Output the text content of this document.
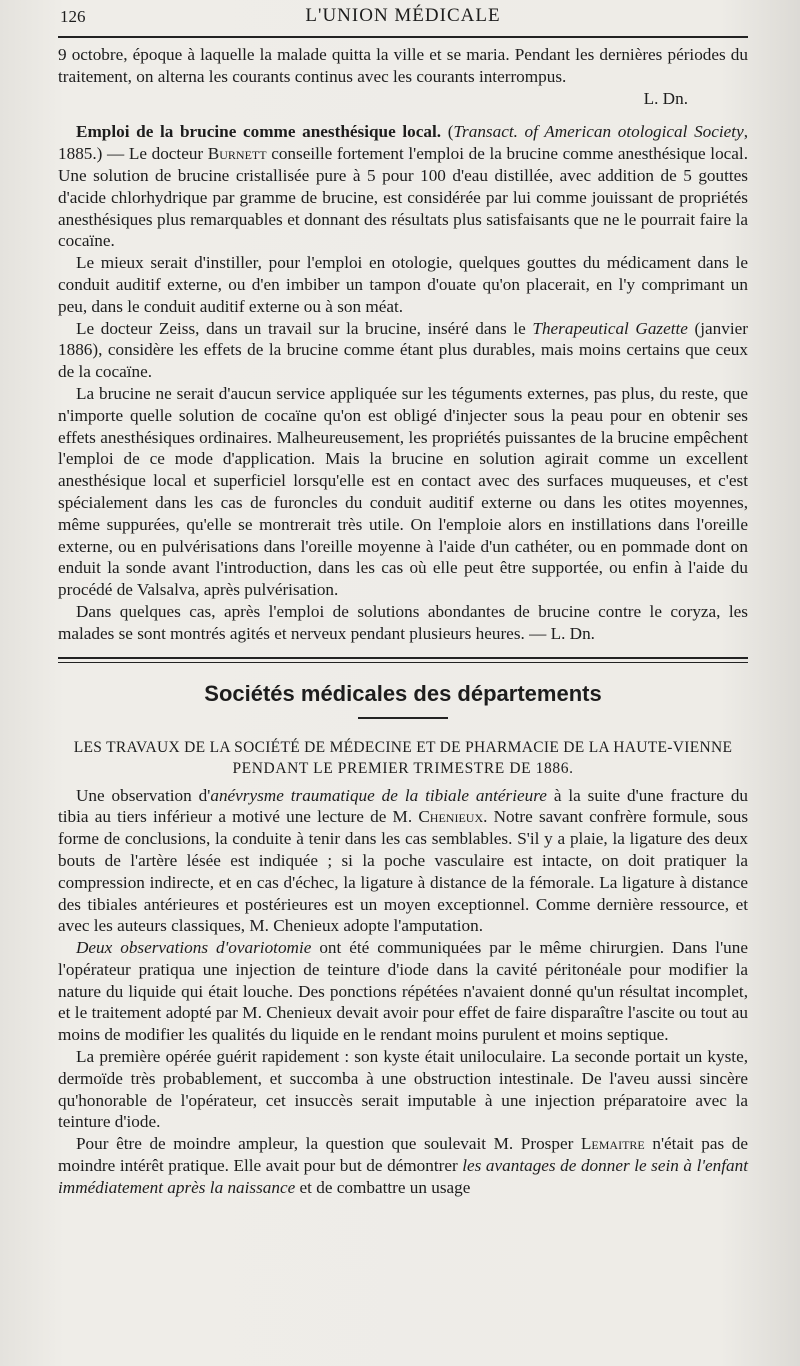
126	L'UNION MÉDICALE

9 octobre, époque à laquelle la malade quitta la ville et se maria. Pendant les dernières périodes du traitement, on alterna les courants continus avec les courants interrompus.

L. Dn.

Emploi de la brucine comme anesthésique local. (Transact. of American otological Society, 1885.) — Le docteur Burnett conseille fortement l'emploi de la brucine comme anesthésique local. Une solution de brucine cristallisée pure à 5 pour 100 d'eau distillée, avec addition de 5 gouttes d'acide chlorhydrique par gramme de brucine, est considérée par lui comme jouissant de propriétés anesthésiques plus remarquables et donnant des résultats plus satisfaisants que ne le pourrait faire la cocaïne.

Le mieux serait d'instiller, pour l'emploi en otologie, quelques gouttes du médicament dans le conduit auditif externe, ou d'en imbiber un tampon d'ouate qu'on placerait, en l'y comprimant un peu, dans le conduit auditif externe ou à son méat.

Le docteur Zeiss, dans un travail sur la brucine, inséré dans le Therapeutical Gazette (janvier 1886), considère les effets de la brucine comme étant plus durables, mais moins certains que ceux de la cocaïne.

La brucine ne serait d'aucun service appliquée sur les téguments externes, pas plus, du reste, que n'importe quelle solution de cocaïne qu'on est obligé d'injecter sous la peau pour en obtenir ses effets anesthésiques ordinaires. Malheureusement, les propriétés puissantes de la brucine empêchent l'emploi de ce mode d'application. Mais la brucine en solution agirait comme un excellent anesthésique local et superficiel lorsqu'elle est en contact avec des surfaces muqueuses, et c'est spécialement dans les cas de furoncles du conduit auditif externe ou dans les otites moyennes, même suppurées, qu'elle se montrerait très utile. On l'emploie alors en instillations dans l'oreille externe, ou en pulvérisations dans l'oreille moyenne à l'aide d'un cathéter, ou en pommade dont on enduit la sonde avant l'introduction, dans les cas où elle peut être supportée, ou enfin à l'aide du procédé de Valsalva, après pulvérisation.

Dans quelques cas, après l'emploi de solutions abondantes de brucine contre le coryza, les malades se sont montrés agités et nerveux pendant plusieurs heures. — L. Dn.

Sociétés médicales des départements
LES TRAVAUX DE LA SOCIÉTÉ DE MÉDECINE ET DE PHARMACIE DE LA HAUTE-VIENNE
PENDANT LE PREMIER TRIMESTRE DE 1886.

Une observation d'anévrysme traumatique de la tibiale antérieure à la suite d'une fracture du tibia au tiers inférieur a motivé une lecture de M. Chenieux. Notre savant confrère formule, sous forme de conclusions, la conduite à tenir dans les cas semblables. S'il y a plaie, la ligature des deux bouts de l'artère lésée est indiquée ; si la poche vasculaire est intacte, on doit pratiquer la compression indirecte, et en cas d'échec, la ligature à distance de la fémorale. La ligature à distance des tibiales antérieures et postérieures est un moyen exceptionnel. Comme dernière ressource, et avec les auteurs classiques, M. Chenieux adopte l'amputation.

Deux observations d'ovariotomie ont été communiquées par le même chirurgien. Dans l'une l'opérateur pratiqua une injection de teinture d'iode dans la cavité péritonéale pour modifier la nature du liquide qui était louche. Des ponctions répétées n'avaient donné qu'un résultat incomplet, et le traitement adopté par M. Chenieux devait avoir pour effet de faire disparaître l'ascite ou tout au moins de modifier les qualités du liquide en le rendant moins purulent et moins septique.

La première opérée guérit rapidement : son kyste était uniloculaire. La seconde portait un kyste, dermoïde très probablement, et succomba à une obstruction intestinale. De l'aveu aussi sincère qu'honorable de l'opérateur, cet insuccès serait imputable à une injection préparatoire avec la teinture d'iode.

Pour être de moindre ampleur, la question que soulevait M. Prosper Lemaitre n'était pas de moindre intérêt pratique. Elle avait pour but de démontrer les avantages de donner le sein à l'enfant immédiatement après la naissance et de combattre un usage
